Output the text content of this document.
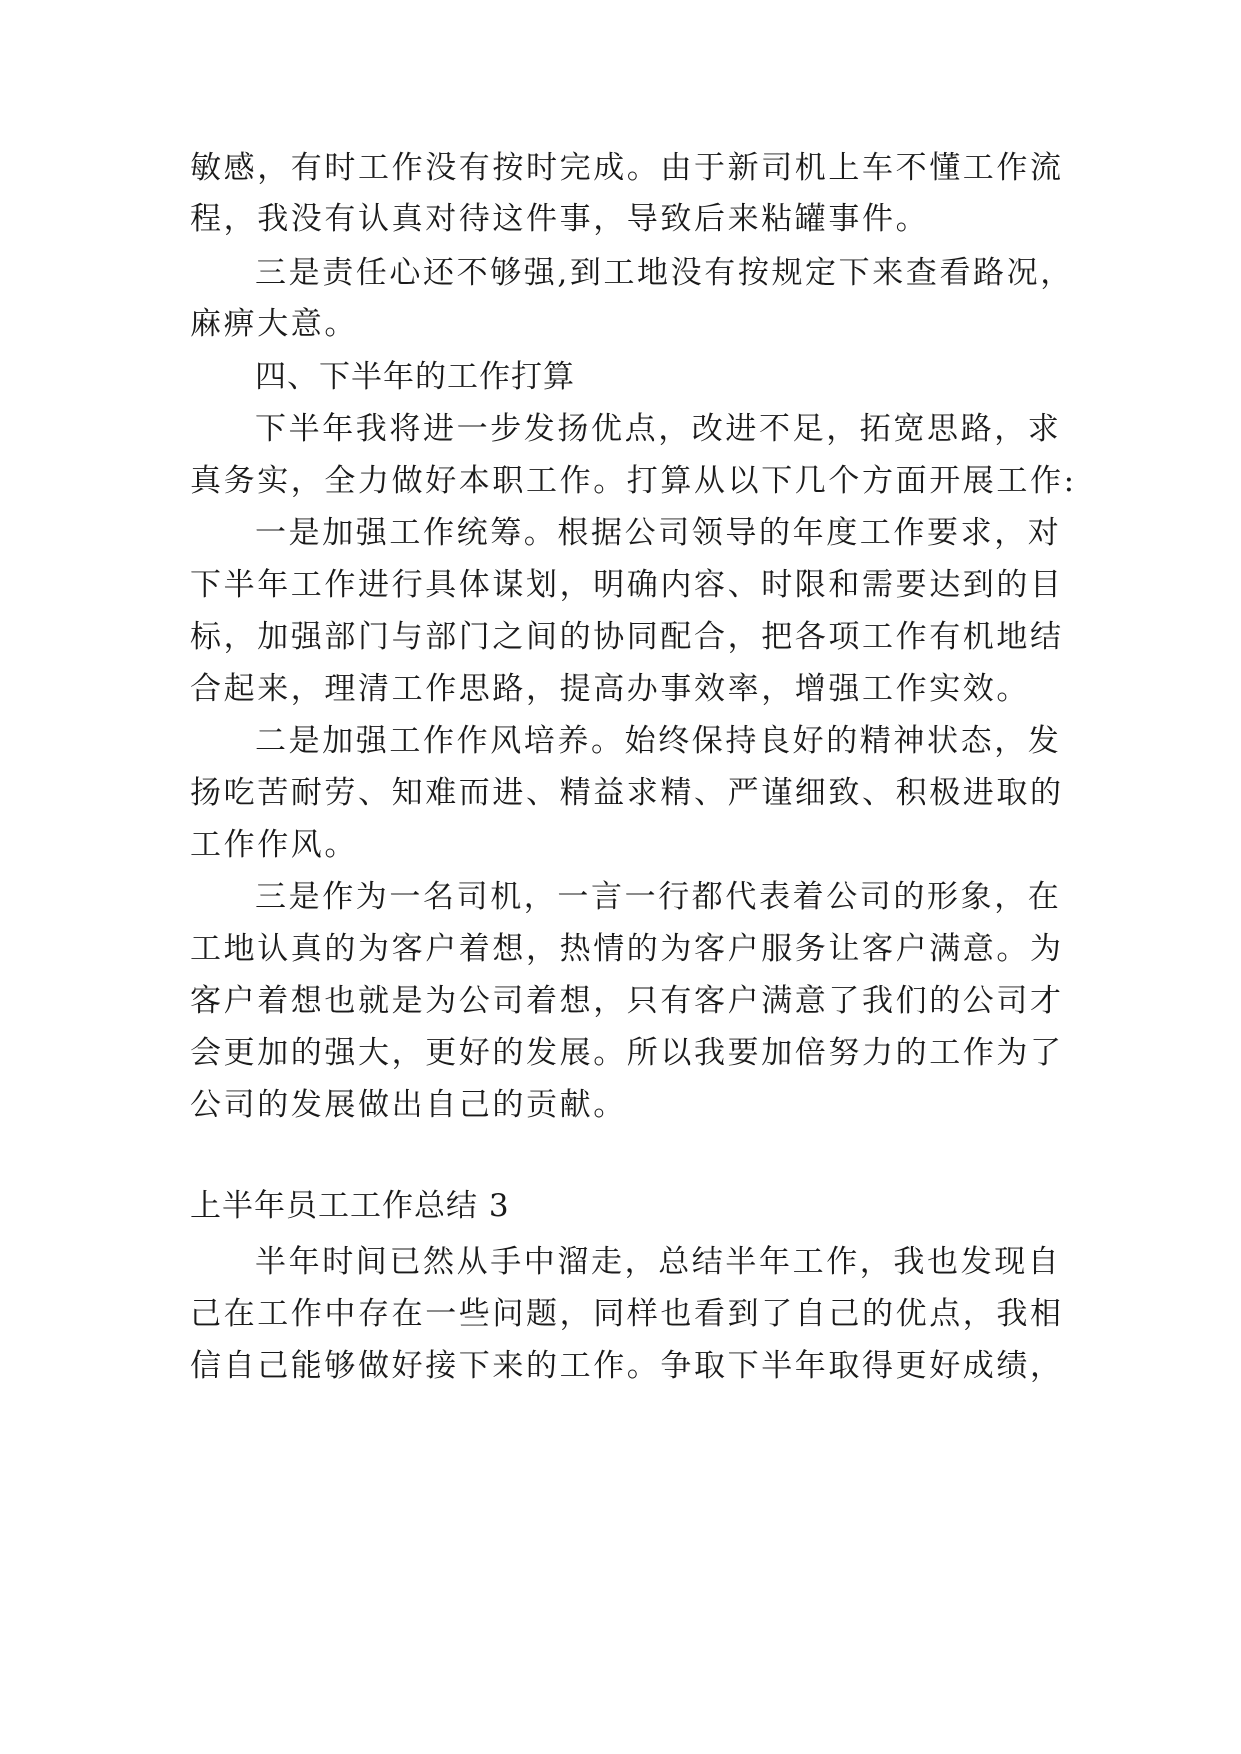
敏感，有时工作没有按时完成。由于新司机上车不懂工作流
程，我没有认真对待这件事，导致后来粘罐事件。
三是责任心还不够强,到工地没有按规定下来查看路况，
麻痹大意。
四、下半年的工作打算
下半年我将进一步发扬优点，改进不足，拓宽思路，求
真务实，全力做好本职工作。打算从以下几个方面开展工作:
一是加强工作统筹。根据公司领导的年度工作要求，对
下半年工作进行具体谋划，明确内容、时限和需要达到的目
标，加强部门与部门之间的协同配合，把各项工作有机地结
合起来，理清工作思路，提高办事效率，增强工作实效。
二是加强工作作风培养。始终保持良好的精神状态，发
扬吃苦耐劳、知难而进、精益求精、严谨细致、积极进取的
工作作风。
三是作为一名司机，一言一行都代表着公司的形象，在
工地认真的为客户着想，热情的为客户服务让客户满意。为
客户着想也就是为公司着想，只有客户满意了我们的公司才
会更加的强大，更好的发展。所以我要加倍努力的工作为了
公司的发展做出自己的贡献。
上半年员工工作总结 3
半年时间已然从手中溜走，总结半年工作，我也发现自
己在工作中存在一些问题，同样也看到了自己的优点，我相
信自己能够做好接下来的工作。争取下半年取得更好成绩，
